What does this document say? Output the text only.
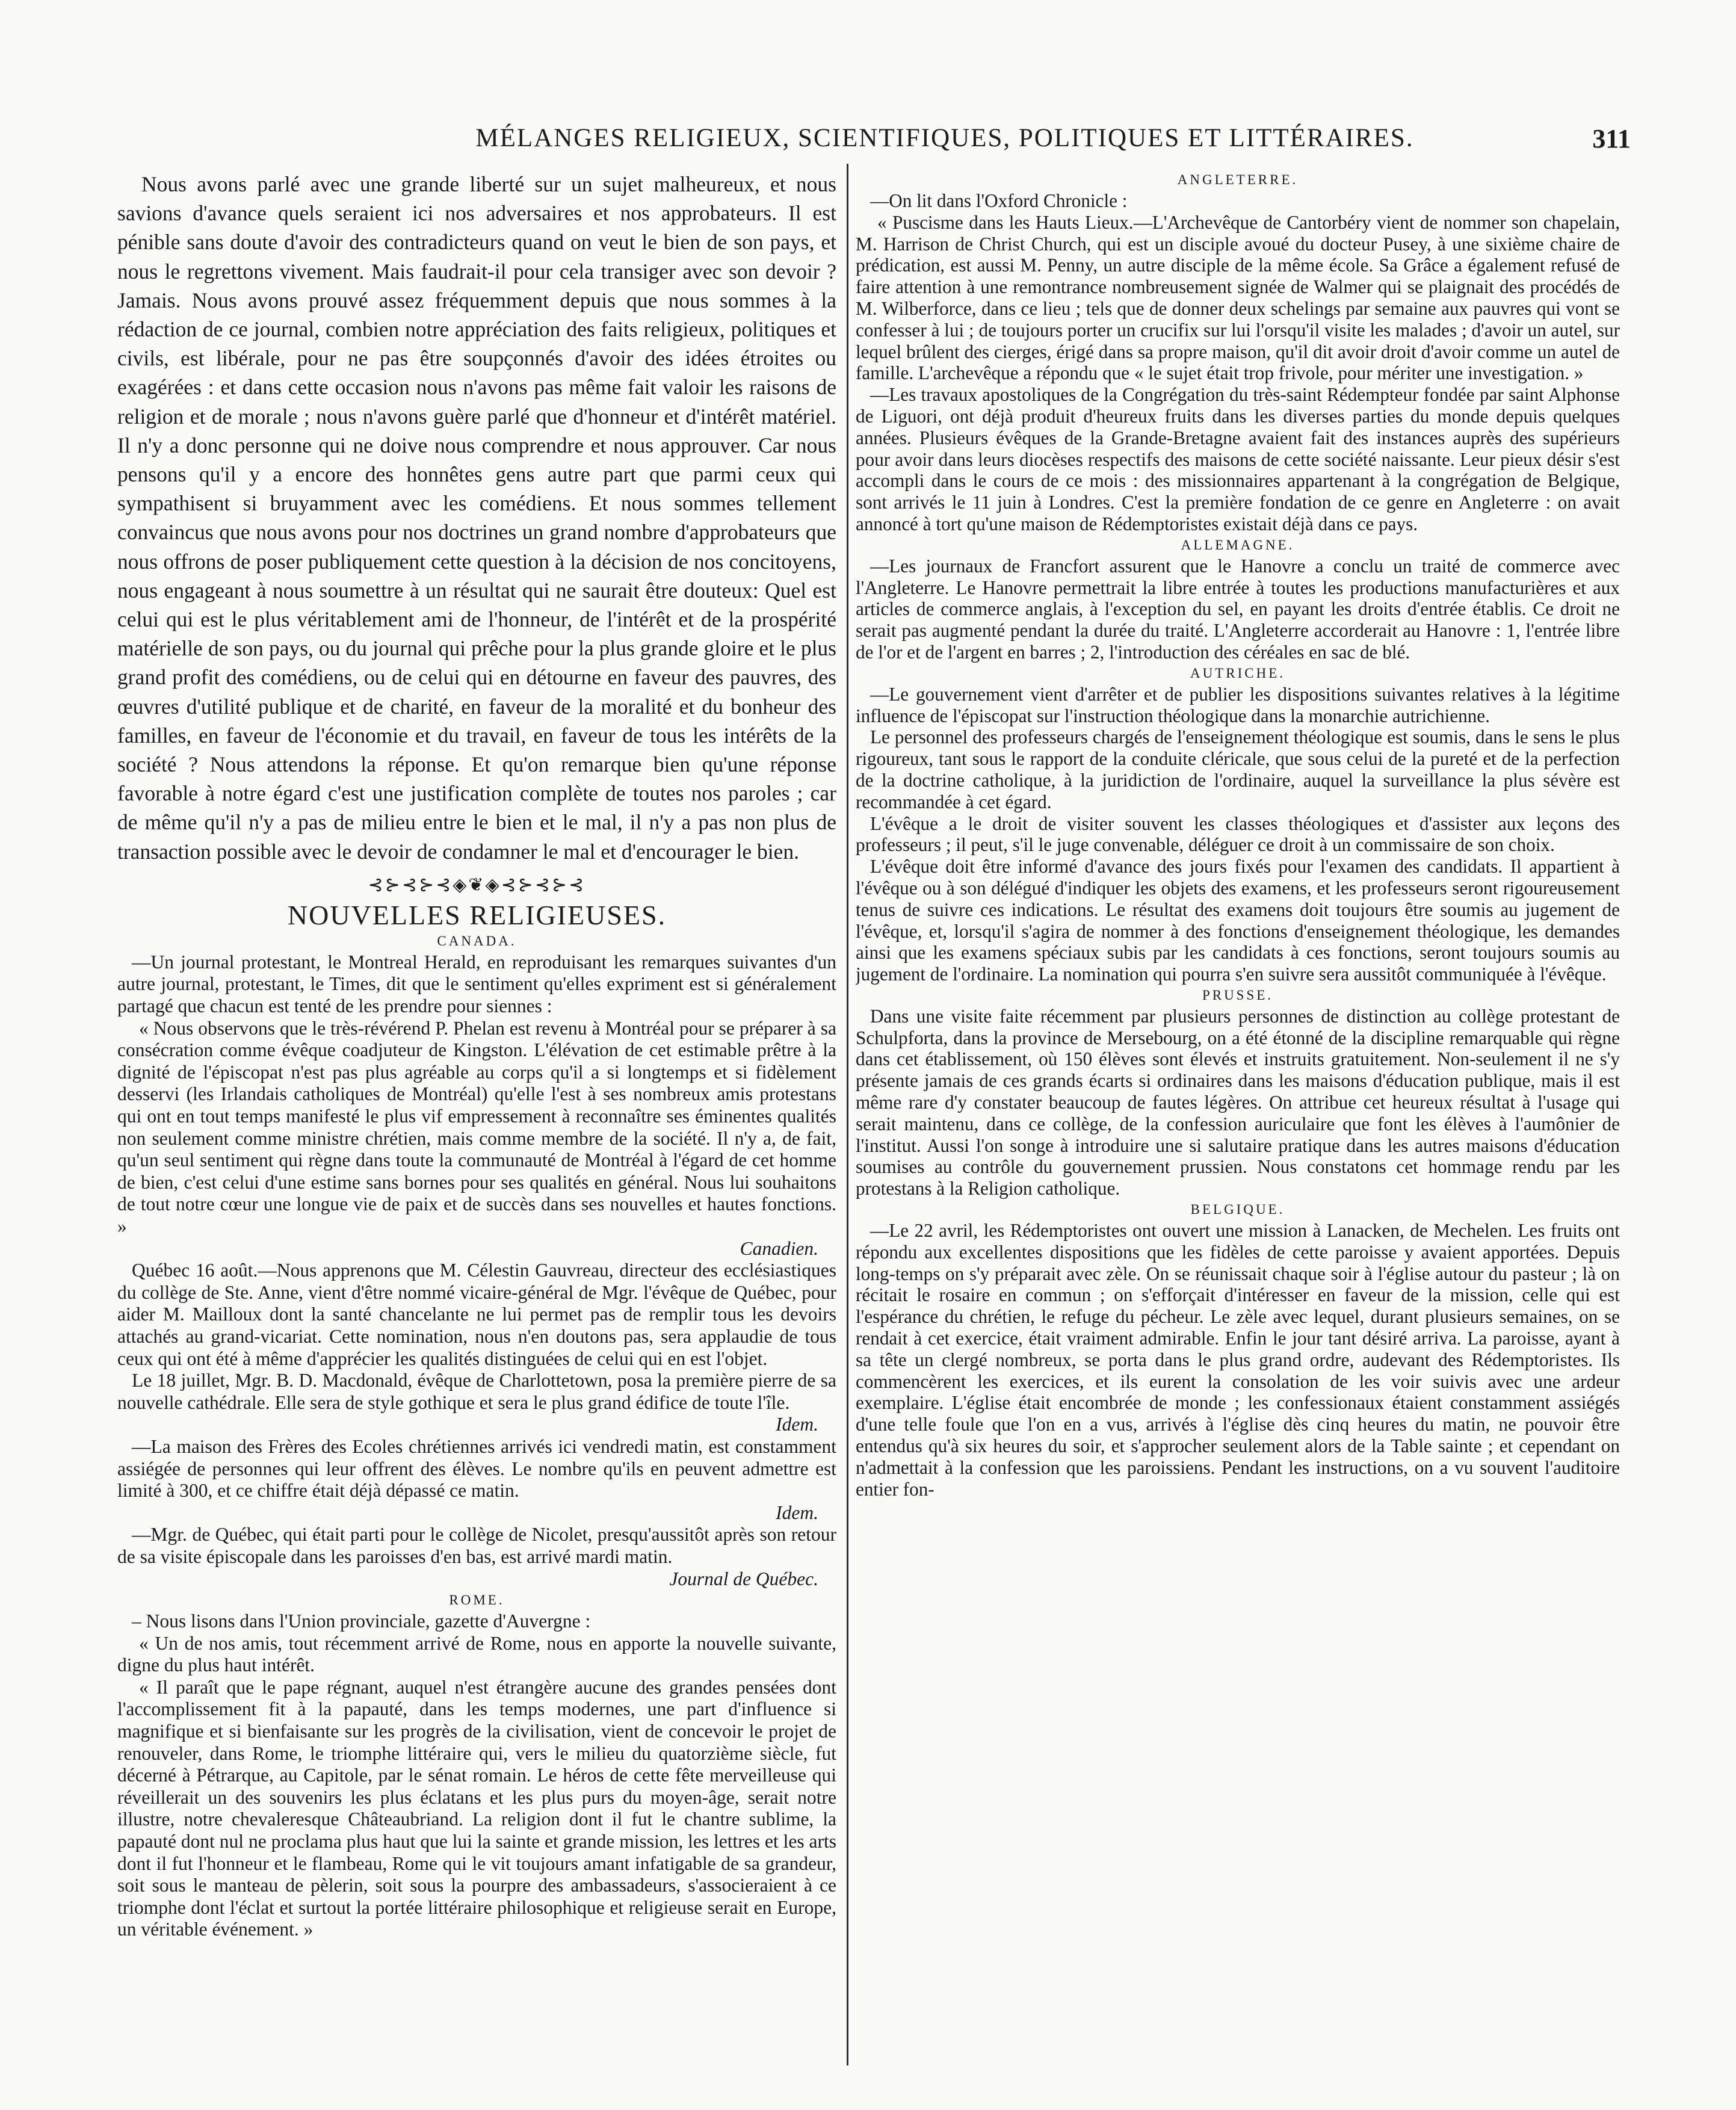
MÉLANGES RELIGIEUX, SCIENTIFIQUES, POLITIQUES ET LITTÉRAIRES.	311

Nous avons parlé avec une grande liberté sur un sujet malheureux, et nous savions d'avance quels seraient ici nos adversaires et nos approbateurs. Il est pénible sans doute d'avoir des contradicteurs quand on veut le bien de son pays, et nous le regrettons vivement. Mais faudrait-il pour cela transiger avec son devoir ? Jamais. Nous avons prouvé assez fréquemment depuis que nous sommes à la rédaction de ce journal, combien notre appréciation des faits religieux, politiques et civils, est libérale, pour ne pas être soupçonnés d'avoir des idées étroites ou exagérées : et dans cette occasion nous n'avons pas même fait valoir les raisons de religion et de morale ; nous n'avons guère parlé que d'honneur et d'intérêt matériel. Il n'y a donc personne qui ne doive nous comprendre et nous approuver. Car nous pensons qu'il y a encore des honnêtes gens autre part que parmi ceux qui sympathisent si bruyamment avec les comédiens. Et nous sommes tellement convaincus que nous avons pour nos doctrines un grand nombre d'approbateurs que nous offrons de poser publiquement cette question à la décision de nos concitoyens, nous engageant à nous soumettre à un résultat qui ne saurait être douteux: Quel est celui qui est le plus véritablement ami de l'honneur, de l'intérêt et de la prospérité matérielle de son pays, ou du journal qui prêche pour la plus grande gloire et le plus grand profit des comédiens, ou de celui qui en détourne en faveur des pauvres, des œuvres d'utilité publique et de charité, en faveur de la moralité et du bonheur des familles, en faveur de l'économie et du travail, en faveur de tous les intérêts de la société ? Nous attendons la réponse. Et qu'on remarque bien qu'une réponse favorable à notre égard c'est une justification complète de toutes nos paroles ; car de même qu'il n'y a pas de milieu entre le bien et le mal, il n'y a pas non plus de transaction possible avec le devoir de condamner le mal et d'encourager le bien.

⊰⊱⊰⊱⊰◈❦◈⊰⊱⊰⊱⊰
NOUVELLES RELIGIEUSES.
CANADA.

—Un journal protestant, le Montreal Herald, en reproduisant les remarques suivantes d'un autre journal, protestant, le Times, dit que le sentiment qu'elles expriment est si généralement partagé que chacun est tenté de les prendre pour siennes :

« Nous observons que le très-révérend P. Phelan est revenu à Montréal pour se préparer à sa consécration comme évêque coadjuteur de Kingston. L'élévation de cet estimable prêtre à la dignité de l'épiscopat n'est pas plus agréable au corps qu'il a si longtemps et si fidèlement desservi (les Irlandais catholiques de Montréal) qu'elle l'est à ses nombreux amis protestans qui ont en tout temps manifesté le plus vif empressement à reconnaître ses éminentes qualités non seulement comme ministre chrétien, mais comme membre de la société. Il n'y a, de fait, qu'un seul sentiment qui règne dans toute la communauté de Montréal à l'égard de cet homme de bien, c'est celui d'une estime sans bornes pour ses qualités en général. Nous lui souhaitons de tout notre cœur une longue vie de paix et de succès dans ses nouvelles et hautes fonctions. »
Canadien.

Québec 16 août.—Nous apprenons que M. Célestin Gauvreau, directeur des ecclésiastiques du collège de Ste. Anne, vient d'être nommé vicaire-général de Mgr. l'évêque de Québec, pour aider M. Mailloux dont la santé chancelante ne lui permet pas de remplir tous les devoirs attachés au grand-vicariat. Cette nomination, nous n'en doutons pas, sera applaudie de tous ceux qui ont été à même d'apprécier les qualités distinguées de celui qui en est l'objet.

Le 18 juillet, Mgr. B. D. Macdonald, évêque de Charlottetown, posa la première pierre de sa nouvelle cathédrale. Elle sera de style gothique et sera le plus grand édifice de toute l'île.
Idem.

—La maison des Frères des Ecoles chrétiennes arrivés ici vendredi matin, est constamment assiégée de personnes qui leur offrent des élèves. Le nombre qu'ils en peuvent admettre est limité à 300, et ce chiffre était déjà dépassé ce matin.
Idem.

—Mgr. de Québec, qui était parti pour le collège de Nicolet, presqu'aussitôt après son retour de sa visite épiscopale dans les paroisses d'en bas, est arrivé mardi matin.
Journal de Québec.

ROME.

– Nous lisons dans l'Union provinciale, gazette d'Auvergne :

« Un de nos amis, tout récemment arrivé de Rome, nous en apporte la nouvelle suivante, digne du plus haut intérêt.

« Il paraît que le pape régnant, auquel n'est étrangère aucune des grandes pensées dont l'accomplissement fit à la papauté, dans les temps modernes, une part d'influence si magnifique et si bienfaisante sur les progrès de la civilisation, vient de concevoir le projet de renouveler, dans Rome, le triomphe littéraire qui, vers le milieu du quatorzième siècle, fut décerné à Pétrarque, au Capitole, par le sénat romain. Le héros de cette fête merveilleuse qui réveillerait un des souvenirs les plus éclatans et les plus purs du moyen-âge, serait notre illustre, notre chevaleresque Châteaubriand. La religion dont il fut le chantre sublime, la papauté dont nul ne proclama plus haut que lui la sainte et grande mission, les lettres et les arts dont il fut l'honneur et le flambeau, Rome qui le vit toujours amant infatigable de sa grandeur, soit sous le manteau de pèlerin, soit sous la pourpre des ambassadeurs, s'associeraient à ce triomphe dont l'éclat et surtout la portée littéraire philosophique et religieuse serait en Europe, un véritable événement. »

ANGLETERRE.

—On lit dans l'Oxford Chronicle :

« Puscisme dans les Hauts Lieux.—L'Archevêque de Cantorbéry vient de nommer son chapelain, M. Harrison de Christ Church, qui est un disciple avoué du docteur Pusey, à une sixième chaire de prédication, est aussi M. Penny, un autre disciple de la même école. Sa Grâce a également refusé de faire attention à une remontrance nombreusement signée de Walmer qui se plaignait des procédés de M. Wilberforce, dans ce lieu ; tels que de donner deux schelings par semaine aux pauvres qui vont se confesser à lui ; de toujours porter un crucifix sur lui l'orsqu'il visite les malades ; d'avoir un autel, sur lequel brûlent des cierges, érigé dans sa propre maison, qu'il dit avoir droit d'avoir comme un autel de famille. L'archevêque a répondu que « le sujet était trop frivole, pour mériter une investigation. »

—Les travaux apostoliques de la Congrégation du très-saint Rédempteur fondée par saint Alphonse de Liguori, ont déjà produit d'heureux fruits dans les diverses parties du monde depuis quelques années. Plusieurs évêques de la Grande-Bretagne avaient fait des instances auprès des supérieurs pour avoir dans leurs diocèses respectifs des maisons de cette société naissante. Leur pieux désir s'est accompli dans le cours de ce mois : des missionnaires appartenant à la congrégation de Belgique, sont arrivés le 11 juin à Londres. C'est la première fondation de ce genre en Angleterre : on avait annoncé à tort qu'une maison de Rédemptoristes existait déjà dans ce pays.

ALLEMAGNE.

—Les journaux de Francfort assurent que le Hanovre a conclu un traité de commerce avec l'Angleterre. Le Hanovre permettrait la libre entrée à toutes les productions manufacturières et aux articles de commerce anglais, à l'exception du sel, en payant les droits d'entrée établis. Ce droit ne serait pas augmenté pendant la durée du traité. L'Angleterre accorderait au Hanovre : 1, l'entrée libre de l'or et de l'argent en barres ; 2, l'introduction des céréales en sac de blé.

AUTRICHE.

—Le gouvernement vient d'arrêter et de publier les dispositions suivantes relatives à la légitime influence de l'épiscopat sur l'instruction théologique dans la monarchie autrichienne.

Le personnel des professeurs chargés de l'enseignement théologique est soumis, dans le sens le plus rigoureux, tant sous le rapport de la conduite cléricale, que sous celui de la pureté et de la perfection de la doctrine catholique, à la juridiction de l'ordinaire, auquel la surveillance la plus sévère est recommandée à cet égard.

L'évêque a le droit de visiter souvent les classes théologiques et d'assister aux leçons des professeurs ; il peut, s'il le juge convenable, déléguer ce droit à un commissaire de son choix.

L'évêque doit être informé d'avance des jours fixés pour l'examen des candidats. Il appartient à l'évêque ou à son délégué d'indiquer les objets des examens, et les professeurs seront rigoureusement tenus de suivre ces indications. Le résultat des examens doit toujours être soumis au jugement de l'évêque, et, lorsqu'il s'agira de nommer à des fonctions d'enseignement théologique, les demandes ainsi que les examens spéciaux subis par les candidats à ces fonctions, seront toujours soumis au jugement de l'ordinaire. La nomination qui pourra s'en suivre sera aussitôt communiquée à l'évêque.

PRUSSE.

Dans une visite faite récemment par plusieurs personnes de distinction au collège protestant de Schulpforta, dans la province de Mersebourg, on a été étonné de la discipline remarquable qui règne dans cet établissement, où 150 élèves sont élevés et instruits gratuitement. Non-seulement il ne s'y présente jamais de ces grands écarts si ordinaires dans les maisons d'éducation publique, mais il est même rare d'y constater beaucoup de fautes légères. On attribue cet heureux résultat à l'usage qui serait maintenu, dans ce collège, de la confession auriculaire que font les élèves à l'aumônier de l'institut. Aussi l'on songe à introduire une si salutaire pratique dans les autres maisons d'éducation soumises au contrôle du gouvernement prussien. Nous constatons cet hommage rendu par les protestans à la Religion catholique.

BELGIQUE.

—Le 22 avril, les Rédemptoristes ont ouvert une mission à Lanacken, de Mechelen. Les fruits ont répondu aux excellentes dispositions que les fidèles de cette paroisse y avaient apportées. Depuis long-temps on s'y préparait avec zèle. On se réunissait chaque soir à l'église autour du pasteur ; là on récitait le rosaire en commun ; on s'efforçait d'intéresser en faveur de la mission, celle qui est l'espérance du chrétien, le refuge du pécheur. Le zèle avec lequel, durant plusieurs semaines, on se rendait à cet exercice, était vraiment admirable. Enfin le jour tant désiré arriva. La paroisse, ayant à sa tête un clergé nombreux, se porta dans le plus grand ordre, audevant des Rédemptoristes. Ils commencèrent les exercices, et ils eurent la consolation de les voir suivis avec une ardeur exemplaire. L'église était encombrée de monde ; les confessionaux étaient constamment assiégés d'une telle foule que l'on en a vus, arrivés à l'église dès cinq heures du matin, ne pouvoir être entendus qu'à six heures du soir, et s'approcher seulement alors de la Table sainte ; et cependant on n'admettait à la confession que les paroissiens. Pendant les instructions, on a vu souvent l'auditoire entier fon-
